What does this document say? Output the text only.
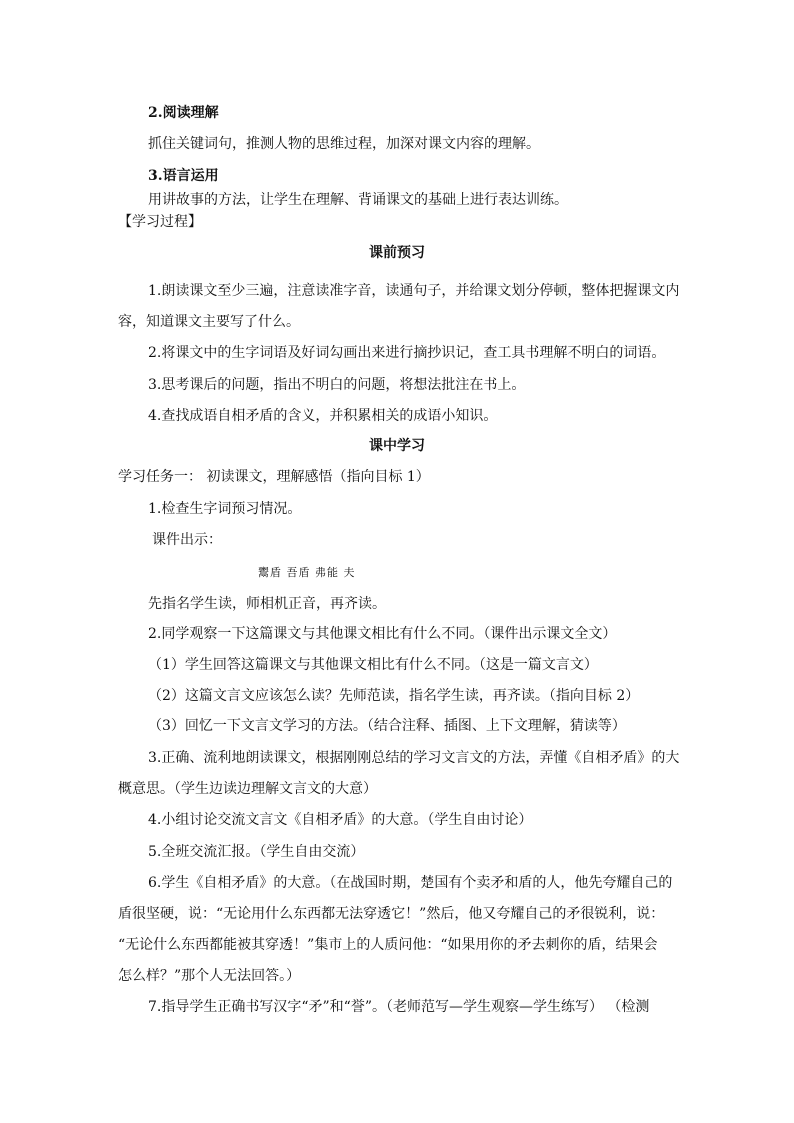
2.阅读理解
抓住关键词句，推测人物的思维过程，加深对课文内容的理解。
3.语言运用
用讲故事的方法，让学生在理解、背诵课文的基础上进行表达训练。
【学习过程】
课前预习
1.朗读课文至少三遍，注意读准字音，读通句子，并给课文划分停顿，整体把握课文内
容，知道课文主要写了什么。
2.将课文中的生字词语及好词勾画出来进行摘抄识记，查工具书理解不明白的词语。
3.思考课后的问题，指出不明白的问题，将想法批注在书上。
4.查找成语自相矛盾的含义，并积累相关的成语小知识。
课中学习
学习任务一： 初读课文，理解感悟（指向目标 1）
1.检查生字词预习情况。
课件出示：
鬻盾 吾盾 弗能 夫
先指名学生读，师相机正音，再齐读。
2.同学观察一下这篇课文与其他课文相比有什么不同。（课件出示课文全文）
（1）学生回答这篇课文与其他课文相比有什么不同。（这是一篇文言文）
（2）这篇文言文应该怎么读？先师范读，指名学生读，再齐读。（指向目标 2）
（3）回忆一下文言文学习的方法。（结合注释、插图、上下文理解，猜读等）
3.正确、流利地朗读课文，根据刚刚总结的学习文言文的方法，弄懂《自相矛盾》的大
概意思。（学生边读边理解文言文的大意）
4.小组讨论交流文言文《自相矛盾》的大意。（学生自由讨论）
5.全班交流汇报。（学生自由交流）
6.学生《自相矛盾》的大意。（在战国时期，楚国有个卖矛和盾的人，他先夸耀自己的
盾很坚硬，说：“无论用什么东西都无法穿透它！”然后，他又夸耀自己的矛很锐利，说：
“无论什么东西都能被其穿透！”集市上的人质问他：“如果用你的矛去刺你的盾，结果会
怎么样？”那个人无法回答。）
7.指导学生正确书写汉字“矛”和“誉”。（老师范写—学生观察—学生练写） （检测
